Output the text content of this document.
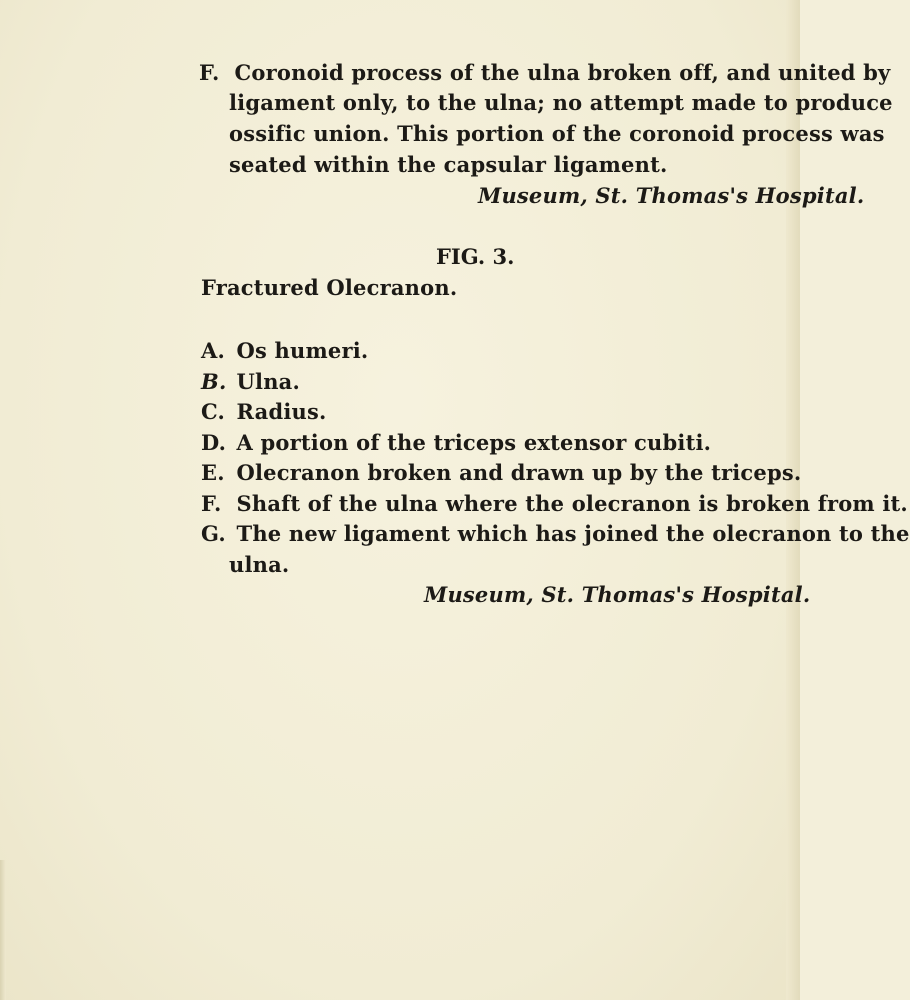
F. Coronoid process of the ulna broken off, and united by
ligament only, to the ulna; no attempt made to produce
ossific union. This portion of the coronoid process was
seated within the capsular ligament.
Museum, St. Thomas's Hospital.
FIG. 3.
Fractured Olecranon.
A. Os humeri.
B. Ulna.
C. Radius.
D. A portion of the triceps extensor cubiti.
E. Olecranon broken and drawn up by the triceps.
F. Shaft of the ulna where the olecranon is broken from it.
G. The new ligament which has joined the olecranon to the
ulna.
Museum, St. Thomas's Hospital.
